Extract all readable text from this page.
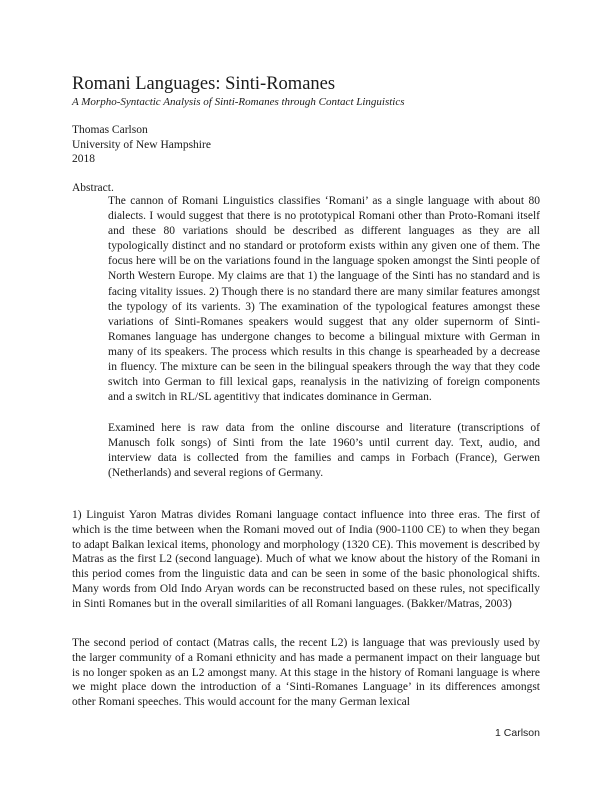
Romani Languages: Sinti-Romanes
A Morpho-Syntactic Analysis of Sinti-Romanes through Contact Linguistics
Thomas Carlson
University of New Hampshire
2018
Abstract.

The cannon of Romani Linguistics classifies ‘Romani’ as a single language with about 80 dialects. I would suggest that there is no prototypical Romani other than Proto-Romani itself and these 80 variations should be described as different languages as they are all typologically distinct and no standard or protoform exists within any given one of them. The focus here will be on the variations found in the language spoken amongst the Sinti people of North Western Europe. My claims are that 1) the language of the Sinti has no standard and is facing vitality issues. 2) Though there is no standard there are many similar features amongst the typology of its varients. 3) The examination of the typological features amongst these variations of Sinti-Romanes speakers would suggest that any older supernorm of Sinti-Romanes language has undergone changes to become a bilingual mixture with German in many of its speakers. The process which results in this change is spearheaded by a decrease in fluency. The mixture can be seen in the bilingual speakers through the way that they code switch into German to fill lexical gaps, reanalysis in the nativizing of foreign components and a switch in RL/SL agentitivy that indicates dominance in German.

Examined here is raw data from the online discourse and literature (transcriptions of Manusch folk songs) of Sinti from the late 1960’s until current day. Text, audio, and interview data is collected from the families and camps in Forbach (France), Gerwen (Netherlands) and several regions of Germany.

1) Linguist Yaron Matras divides Romani language contact influence into three eras. The first of which is the time between when the Romani moved out of India (900-1100 CE) to when they began to adapt Balkan lexical items, phonology and morphology (1320 CE). This movement is described by Matras as the first L2 (second language). Much of what we know about the history of the Romani in this period comes from the linguistic data and can be seen in some of the basic phonological shifts. Many words from Old Indo Aryan words can be reconstructed based on these rules, not specifically in Sinti Romanes but in the overall similarities of all Romani languages. (Bakker/Matras, 2003)

The second period of contact (Matras calls, the recent L2) is language that was previously used by the larger community of a Romani ethnicity and has made a permanent impact on their language but is no longer spoken as an L2 amongst many. At this stage in the history of Romani language is where we might place down the introduction of a ‘Sinti-Romanes Language’ in its differences amongst other Romani speeches. This would account for the many German lexical

1 Carlson
